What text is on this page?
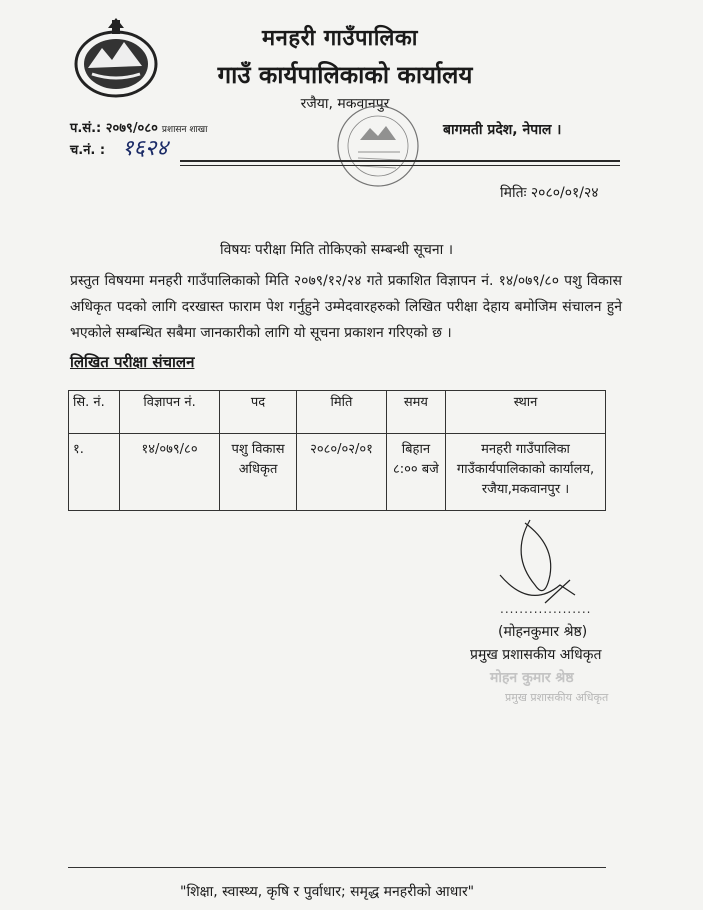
मनहरी गाउँपालिका
गाउँ कार्यपालिकाको कार्यालय
रजैया, मकवानपुर
प.सं.: २०७९/०८० प्रशासन शाखा
च.नं. : १६२४
बागमती प्रदेश, नेपाल ।
मितिः २०८०/०१/२४
विषयः परीक्षा मिति तोकिएको सम्बन्धी सूचना ।
प्रस्तुत विषयमा मनहरी गाउँपालिकाको मिति २०७९/१२/२४ गते प्रकाशित विज्ञापन नं. १४/०७९/८० पशु विकास अधिकृत पदको लागि दरखास्त फाराम पेश गर्नुहुने उम्मेदवारहरुको लिखित परीक्षा देहाय बमोजिम संचालन हुने भएकोले सम्बन्धित सबैमा जानकारीको लागि यो सूचना प्रकाशन गरिएको छ ।
लिखित परीक्षा संचालन
सि. नं.	विज्ञापन नं.	पद	मिति	समय	स्थान
१.	१४/०७९/८०	पशु विकास अधिकृत	२०८०/०२/०१	बिहान ८:०० बजे	मनहरी गाउँपालिका गाउँकार्यपालिकाको कार्यालय, रजैया,मकवानपुर ।
...................
(मोहनकुमार श्रेष्ठ)
प्रमुख प्रशासकीय अधिकृत
मोहन कुमार श्रेष्ठ
प्रमुख प्रशासकीय अधिकृत
"शिक्षा, स्वास्थ्य, कृषि र पुर्वाधार; समृद्ध मनहरीको आधार"
